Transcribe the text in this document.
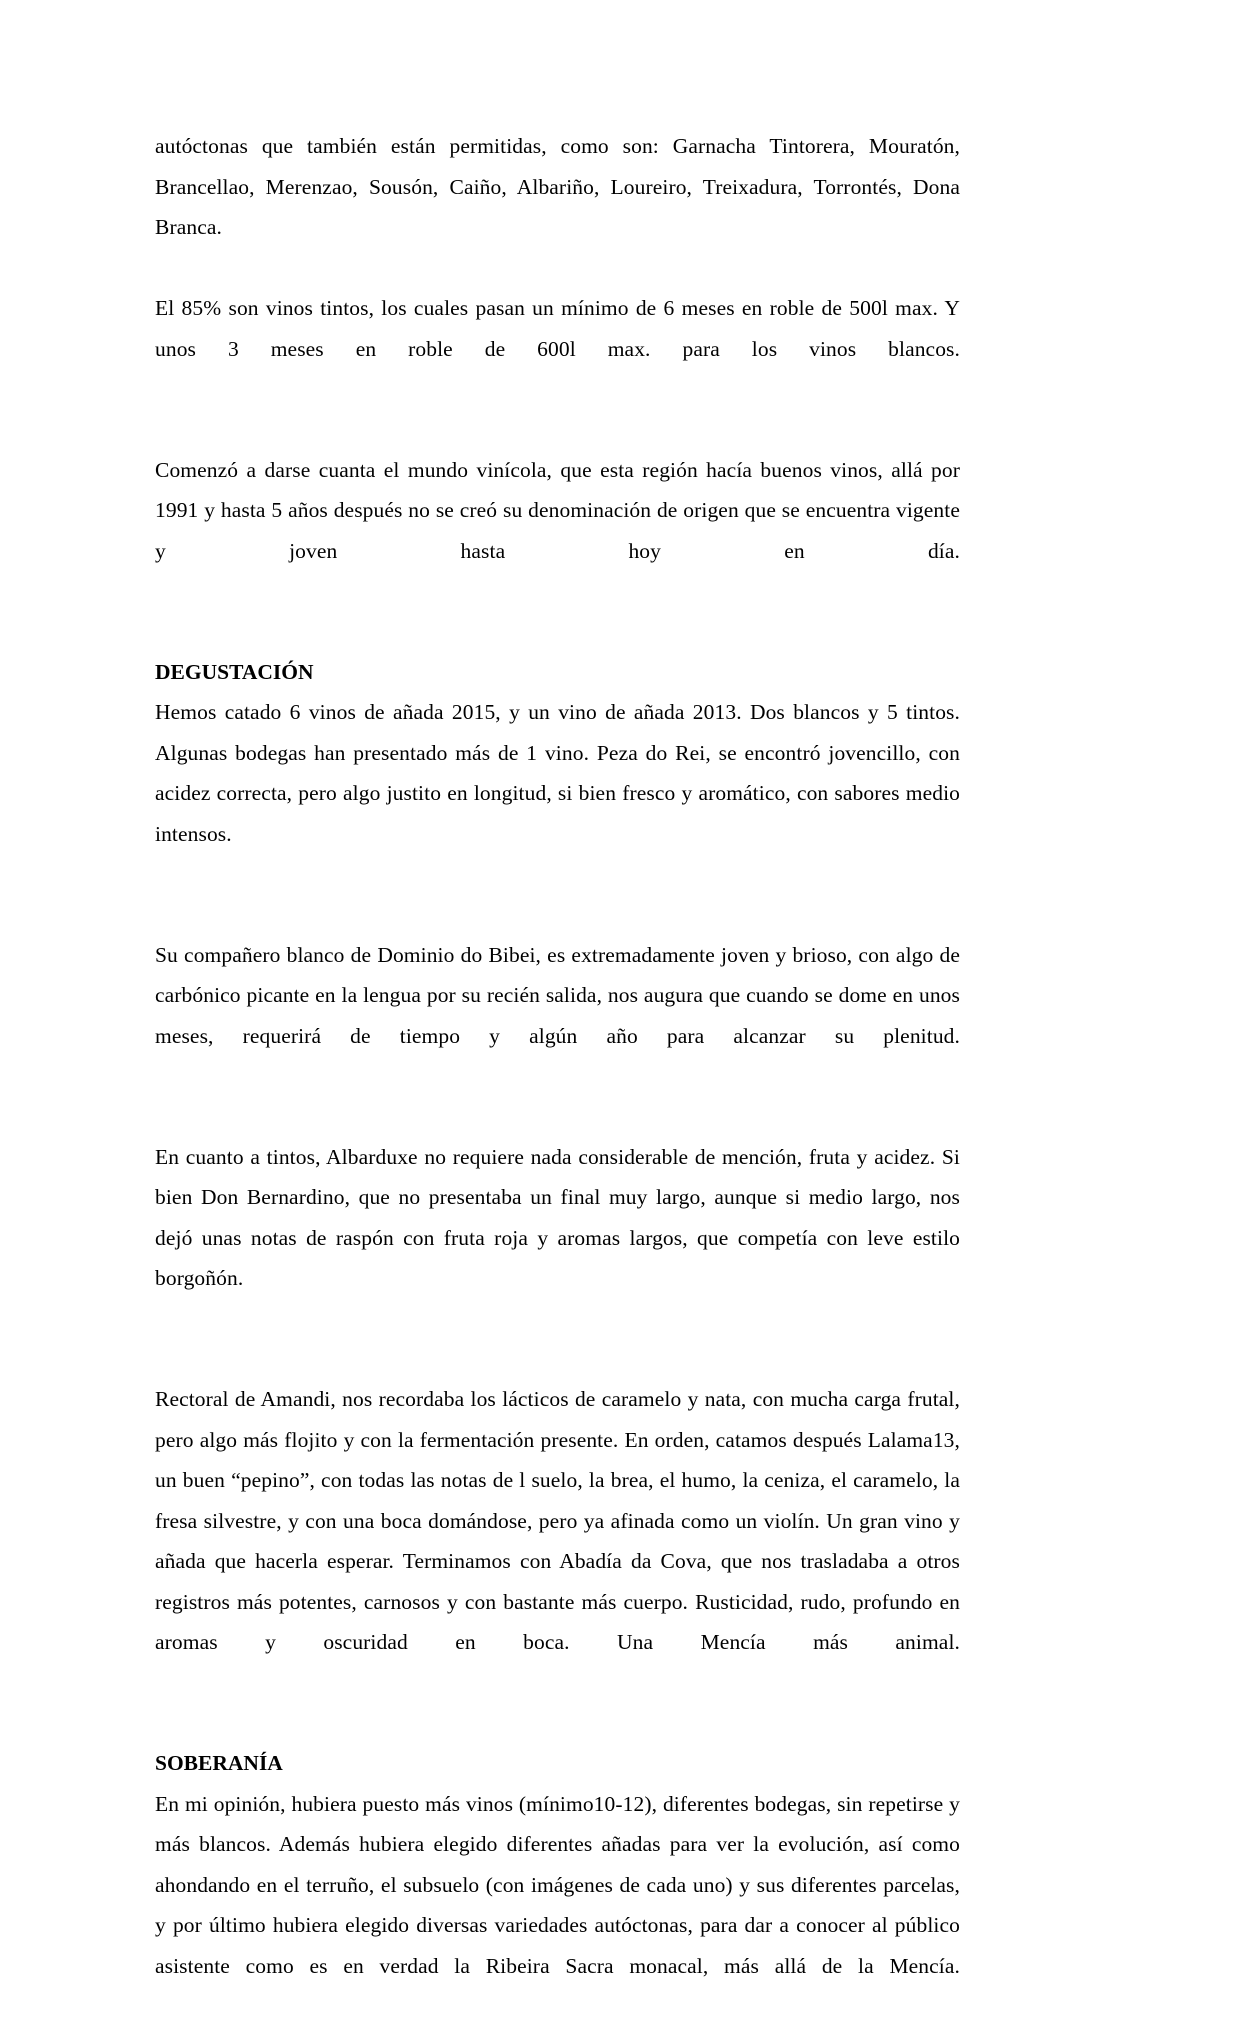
autóctonas que también están permitidas, como son: Garnacha Tintorera, Mouratón, Brancellao, Merenzao, Sousón, Caiño, Albariño, Loureiro, Treixadura, Torrontés, Dona Branca.

El 85% son vinos tintos, los cuales pasan un mínimo de 6 meses en roble de 500l max. Y unos 3 meses en roble de 600l max. para los vinos blancos.

Comenzó a darse cuanta el mundo vinícola, que esta región hacía buenos vinos, allá por 1991 y hasta 5 años después no se creó su denominación de origen que se encuentra vigente y joven hasta hoy en día.

DEGUSTACIÓN

Hemos catado 6 vinos de añada 2015, y un vino de añada 2013. Dos blancos y 5 tintos. Algunas bodegas han presentado más de 1 vino. Peza do Rei, se encontró jovencillo, con acidez correcta, pero algo justito en longitud, si bien fresco y aromático, con sabores medio intensos.

Su compañero blanco de Dominio do Bibei, es extremadamente joven y brioso, con algo de carbónico picante en la lengua por su recién salida, nos augura que cuando se dome en unos meses, requerirá de tiempo y algún año para alcanzar su plenitud.

En cuanto a tintos, Albarduxe no requiere nada considerable de mención, fruta y acidez. Si bien Don Bernardino, que no presentaba un final muy largo, aunque si medio largo, nos dejó unas notas de raspón con fruta roja y aromas largos, que competía con leve estilo borgoñón.

Rectoral de Amandi, nos recordaba los lácticos de caramelo y nata, con mucha carga frutal, pero algo más flojito y con la fermentación presente. En orden, catamos después Lalama13, un buen “pepino”, con todas las notas de l suelo, la brea, el humo, la ceniza, el caramelo, la fresa silvestre, y con una boca domándose, pero ya afinada como un violín. Un gran vino y añada que hacerla esperar. Terminamos con Abadía da Cova, que nos trasladaba a otros registros más potentes, carnosos y con bastante más cuerpo. Rusticidad, rudo, profundo en aromas y oscuridad en boca. Una Mencía más animal.

SOBERANÍA

En mi opinión, hubiera puesto más vinos (mínimo10-12), diferentes bodegas, sin repetirse y más blancos. Además hubiera elegido diferentes añadas para ver la evolución, así como ahondando en el terruño, el subsuelo (con imágenes de cada uno) y sus diferentes parcelas, y por último hubiera elegido diversas variedades autóctonas, para dar a conocer al público asistente como es en verdad la Ribeira Sacra monacal, más allá de la Mencía.
